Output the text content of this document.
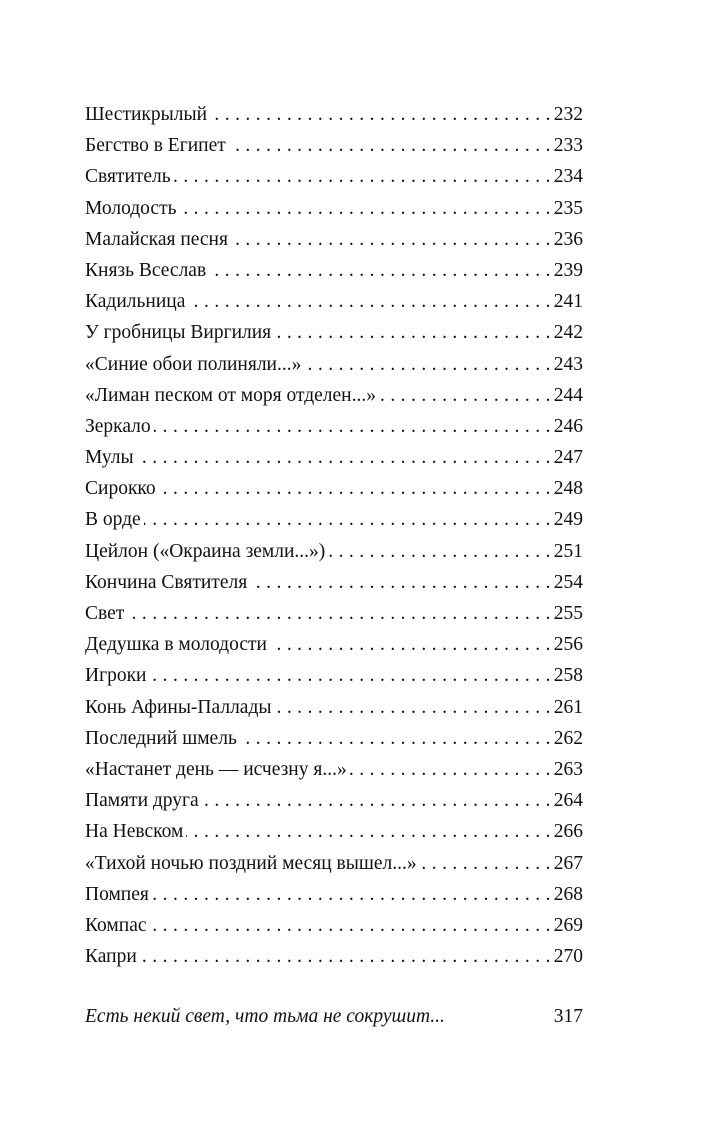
Шестикрылый . . .	232
Бегство в Египет . . .	233
Святитель . . .	234
Молодость . . .	235
Малайская песня . . .	236
Князь Всеслав . . .	239
Кадильница . . .	241
У гробницы Виргилия . . .	242
«Синие обои полиняли...» . . .	243
«Лиман песком от моря отделен...» . . .	244
Зеркало . . .	246
Мулы . . .	247
Сирокко . . .	248
В орде . . .	249
Цейлон («Окраина земли...») . . .	251
Кончина Святителя . . .	254
Свет . . .	255
Дедушка в молодости . . .	256
Игроки . . .	258
Конь Афины-Паллады . . .	261
Последний шмель . . .	262
«Настанет день — исчезну я...» . . .	263
Памяти друга . . .	264
На Невском . . .	266
«Тихой ночью поздний месяц вышел...» . . .	267
Помпея . . .	268
Компас . . .	269
Капри . . .	270
Есть некий свет, что тьма не сокрушит...	317
